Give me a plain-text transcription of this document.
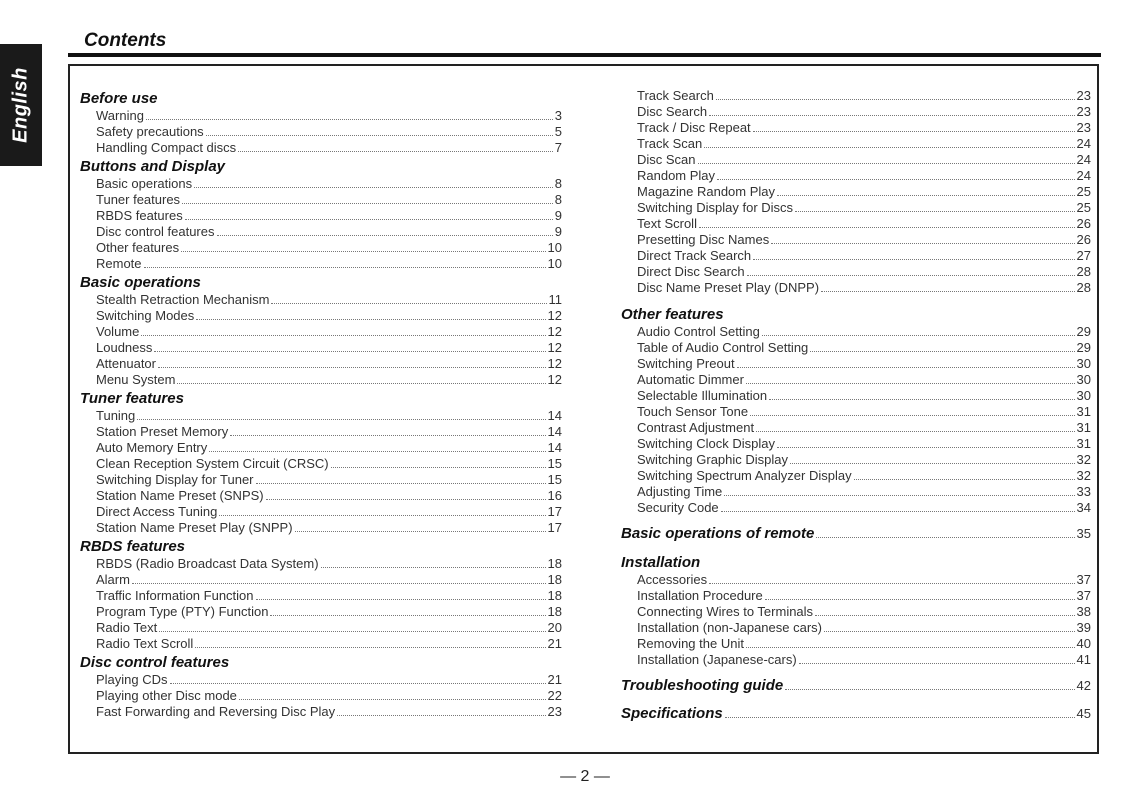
English
Contents
Before use
Warning	3
Safety precautions	5
Handling Compact discs	7
Buttons and Display
Basic operations	8
Tuner features	8
RBDS features	9
Disc control features	9
Other features	10
Remote	10
Basic operations
Stealth Retraction Mechanism	11
Switching Modes	12
Volume	12
Loudness	12
Attenuator	12
Menu System	12
Tuner features
Tuning	14
Station Preset Memory	14
Auto Memory Entry	14
Clean Reception System Circuit (CRSC)	15
Switching Display for Tuner	15
Station Name Preset (SNPS)	16
Direct Access Tuning	17
Station Name Preset Play (SNPP)	17
RBDS features
RBDS (Radio Broadcast Data System)	18
Alarm	18
Traffic Information Function	18
Program Type (PTY) Function	18
Radio Text	20
Radio Text Scroll	21
Disc control features
Playing CDs	21
Playing other Disc mode	22
Fast Forwarding and Reversing Disc Play	23
Track Search	23
Disc Search	23
Track / Disc Repeat	23
Track Scan	24
Disc Scan	24
Random Play	24
Magazine Random Play	25
Switching Display for Discs	25
Text Scroll	26
Presetting Disc Names	26
Direct Track Search	27
Direct Disc Search	28
Disc Name Preset Play (DNPP)	28
Other features
Audio Control Setting	29
Table of Audio Control Setting	29
Switching Preout	30
Automatic Dimmer	30
Selectable Illumination	30
Touch Sensor Tone	31
Contrast Adjustment	31
Switching Clock Display	31
Switching Graphic Display	32
Switching Spectrum Analyzer Display	32
Adjusting Time	33
Security Code	34
Basic operations of remote	35
Installation
Accessories	37
Installation Procedure	37
Connecting Wires to Terminals	38
Installation (non-Japanese cars)	39
Removing the Unit	40
Installation (Japanese-cars)	41
Troubleshooting guide	42
Specifications	45
— 2 —
